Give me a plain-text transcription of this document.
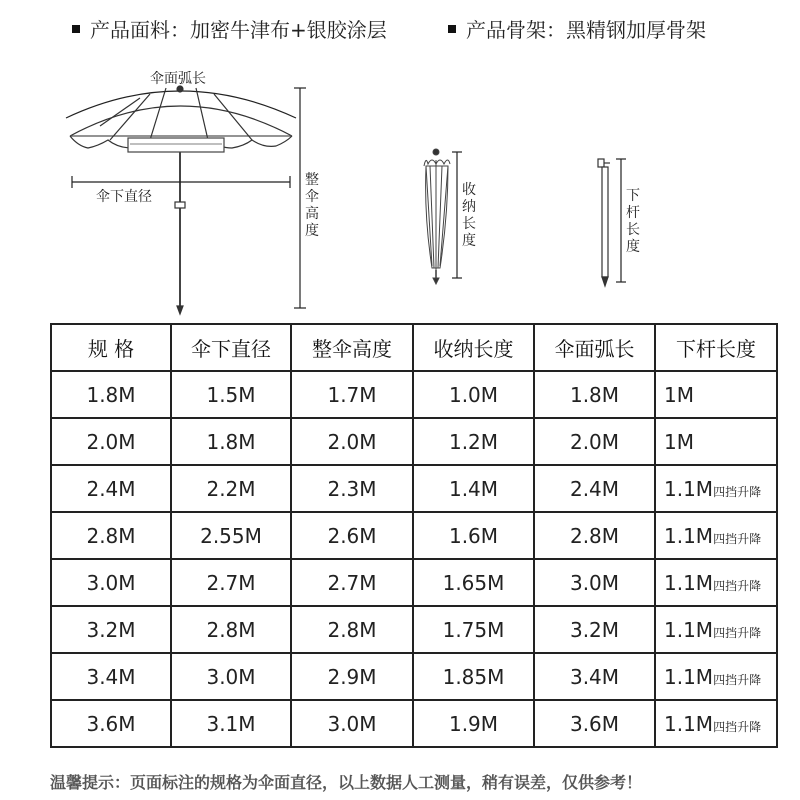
产品面料：加密牛津布+银胶涂层	产品骨架：黑精钢加厚骨架
伞面弧长
伞下直径
整伞高度
收纳长度
下杆长度
规 格	伞下直径	整伞高度	收纳长度	伞面弧长	下杆长度
1.8M	1.5M	1.7M	1.0M	1.8M	1M
2.0M	1.8M	2.0M	1.2M	2.0M	1M
2.4M	2.2M	2.3M	1.4M	2.4M	1.1M四挡升降
2.8M	2.55M	2.6M	1.6M	2.8M	1.1M四挡升降
3.0M	2.7M	2.7M	1.65M	3.0M	1.1M四挡升降
3.2M	2.8M	2.8M	1.75M	3.2M	1.1M四挡升降
3.4M	3.0M	2.9M	1.85M	3.4M	1.1M四挡升降
3.6M	3.1M	3.0M	1.9M	3.6M	1.1M四挡升降
温馨提示：页面标注的规格为伞面直径，以上数据人工测量，稍有误差，仅供参考！
